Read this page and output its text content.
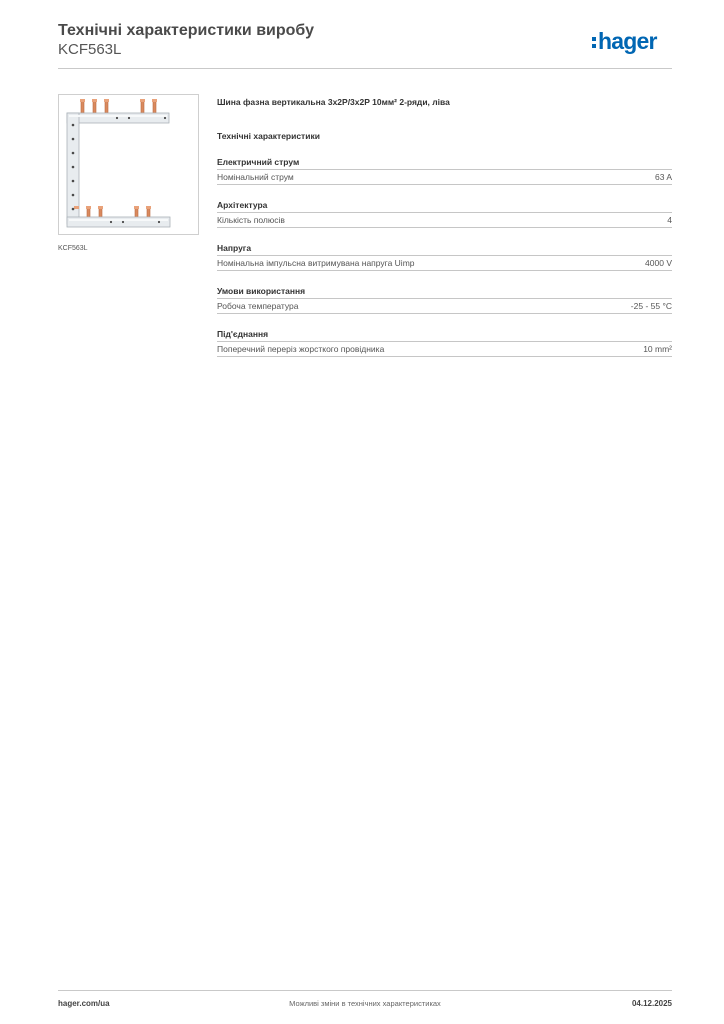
Технічні характеристики виробу
KCF563L	hager
KCF563L
Шина фазна вертикальна 3x2P/3x2P 10мм² 2-ряди, ліва
Технічні характеристики
Електричний струм
Номінальний струм	63 A
Архітектура
Кількість полюсів	4
Напруга
Номінальна імпульсна витримувана напруга Uimp	4000 V
Умови використання
Робоча температура	-25 - 55 °C
Під'єднання
Поперечний переріз жорсткого провідника	10 mm²
hager.com/ua	Можливі зміни в технічних характеристиках	04.12.2025
